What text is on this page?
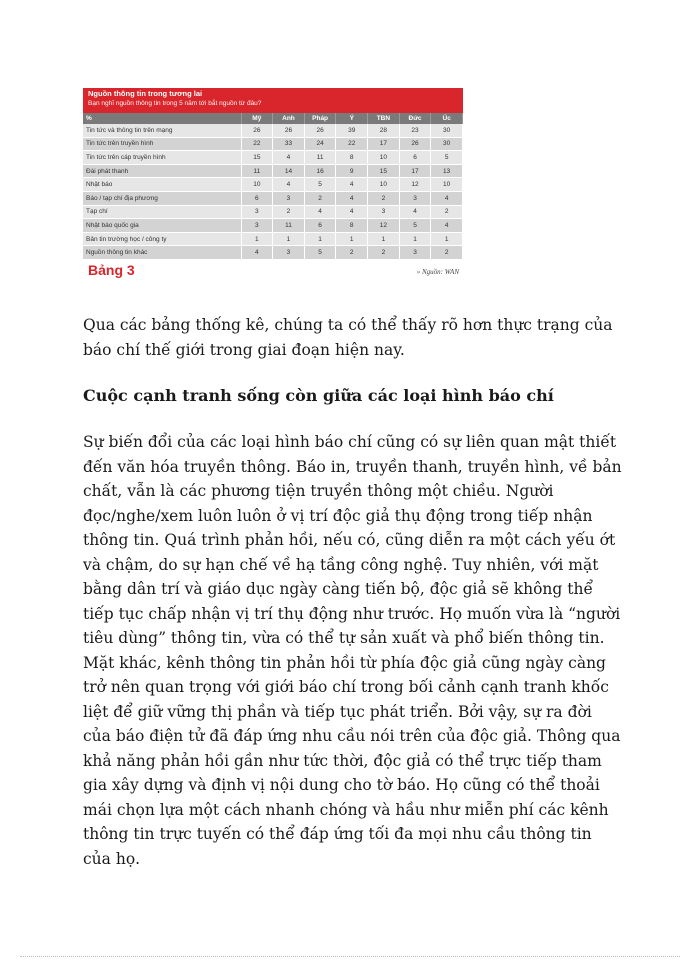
Nguồn thông tin trong tương lai
Bạn nghĩ nguồn thông tin trong 5 năm tới bắt nguồn từ đâu?
%	Mỹ	Anh	Pháp	Ý	TBN	Đức	Úc
Tin tức và thông tin trên mạng	26	26	26	39	28	23	30
Tin tức trên truyền hình	22	33	24	22	17	26	30
Tin tức trên cáp truyền hình	15	4	11	8	10	6	5
Đài phát thanh	11	14	16	9	15	17	13
Nhật báo	10	4	5	4	10	12	10
Báo / tạp chí địa phương	6	3	2	4	2	3	4
Tạp chí	3	2	4	4	3	4	2
Nhật báo quốc gia	3	11	6	8	12	5	4
Bản tin trường học / công ty	1	1	1	1	1	1	1
Nguồn thông tin khác	4	3	5	2	2	3	2
Bảng 3	» Nguồn: WAN

Qua các bảng thống kê, chúng ta có thể thấy rõ hơn thực trạng của báo chí thế giới trong giai đoạn hiện nay.

Cuộc cạnh tranh sống còn giữa các loại hình báo chí

Sự biến đổi của các loại hình báo chí cũng có sự liên quan mật thiết đến văn hóa truyền thông. Báo in, truyền thanh, truyền hình, về bản chất, vẫn là các phương tiện truyền thông một chiều. Người đọc/nghe/xem luôn luôn ở vị trí độc giả thụ động trong tiếp nhận thông tin. Quá trình phản hồi, nếu có, cũng diễn ra một cách yếu ớt và chậm, do sự hạn chế về hạ tầng công nghệ. Tuy nhiên, với mặt bằng dân trí và giáo dục ngày càng tiến bộ, độc giả sẽ không thể tiếp tục chấp nhận vị trí thụ động như trước. Họ muốn vừa là “người tiêu dùng” thông tin, vừa có thể tự sản xuất và phổ biến thông tin. Mặt khác, kênh thông tin phản hồi từ phía độc giả cũng ngày càng trở nên quan trọng với giới báo chí trong bối cảnh cạnh tranh khốc liệt để giữ vững thị phần và tiếp tục phát triển. Bởi vậy, sự ra đời của báo điện tử đã đáp ứng nhu cầu nói trên của độc giả. Thông qua khả năng phản hồi gần như tức thời, độc giả có thể trực tiếp tham gia xây dựng và định vị nội dung cho tờ báo. Họ cũng có thể thoải mái chọn lựa một cách nhanh chóng và hầu như miễn phí các kênh thông tin trực tuyến có thể đáp ứng tối đa mọi nhu cầu thông tin của họ.
